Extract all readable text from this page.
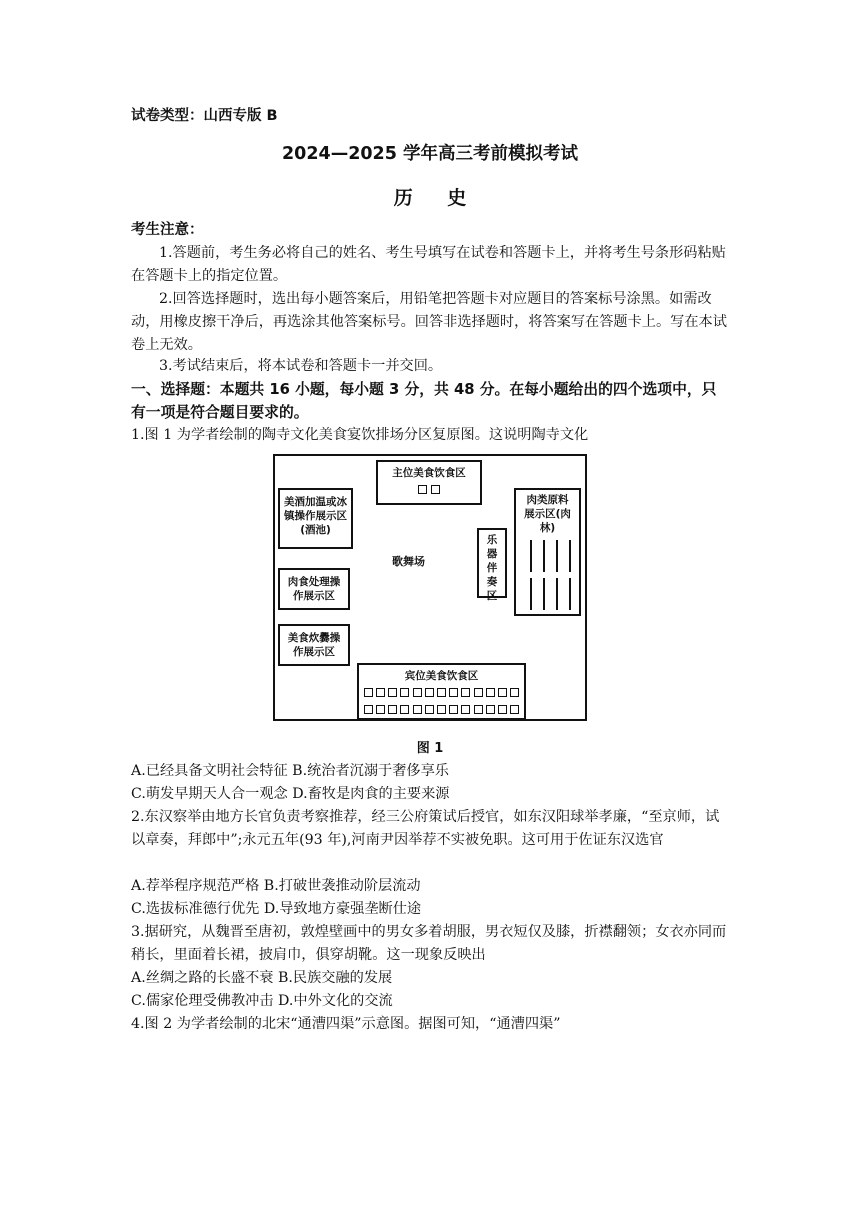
试卷类型：山西专版 B
2024—2025 学年高三考前模拟考试
历 史
考生注意：
1.答题前，考生务必将自己的姓名、考生号填写在试卷和答题卡上，并将考生号条形码粘贴在答题卡上的指定位置。
2.回答选择题时，选出每小题答案后，用铅笔把答题卡对应题目的答案标号涂黑。如需改动，用橡皮擦干净后，再选涂其他答案标号。回答非选择题时，将答案写在答题卡上。写在本试卷上无效。
3.考试结束后，将本试卷和答题卡一并交回。
一、选择题：本题共 16 小题，每小题 3 分，共 48 分。在每小题给出的四个选项中，只有一项是符合题目要求的。
1.图 1 为学者绘制的陶寺文化美食宴饮排场分区复原图。这说明陶寺文化
主位美食饮食区
美酒加温或冰镇操作展示区(酒池)
肉类原料展示区(肉林)
乐器伴奏区
歌舞场
肉食处理操作展示区
美食炊爨操作展示区
宾位美食饮食区
图 1
A.已经具备文明社会特征 B.统治者沉溺于奢侈享乐
C.萌发早期天人合一观念 D.畜牧是肉食的主要来源
2.东汉察举由地方长官负责考察推荐，经三公府策试后授官，如东汉阳球举孝廉，“至京师，试以章奏，拜郎中”;永元五年(93 年),河南尹因举荐不实被免职。这可用于佐证东汉选官
A.荐举程序规范严格 B.打破世袭推动阶层流动
C.选拔标准德行优先 D.导致地方豪强垄断仕途
3.据研究，从魏晋至唐初，敦煌壁画中的男女多着胡服，男衣短仅及膝，折襟翻领；女衣亦同而稍长，里面着长裙，披肩巾，俱穿胡靴。这一现象反映出
A.丝绸之路的长盛不衰 B.民族交融的发展
C.儒家伦理受佛教冲击 D.中外文化的交流
4.图 2 为学者绘制的北宋“通漕四渠”示意图。据图可知，“通漕四渠”
